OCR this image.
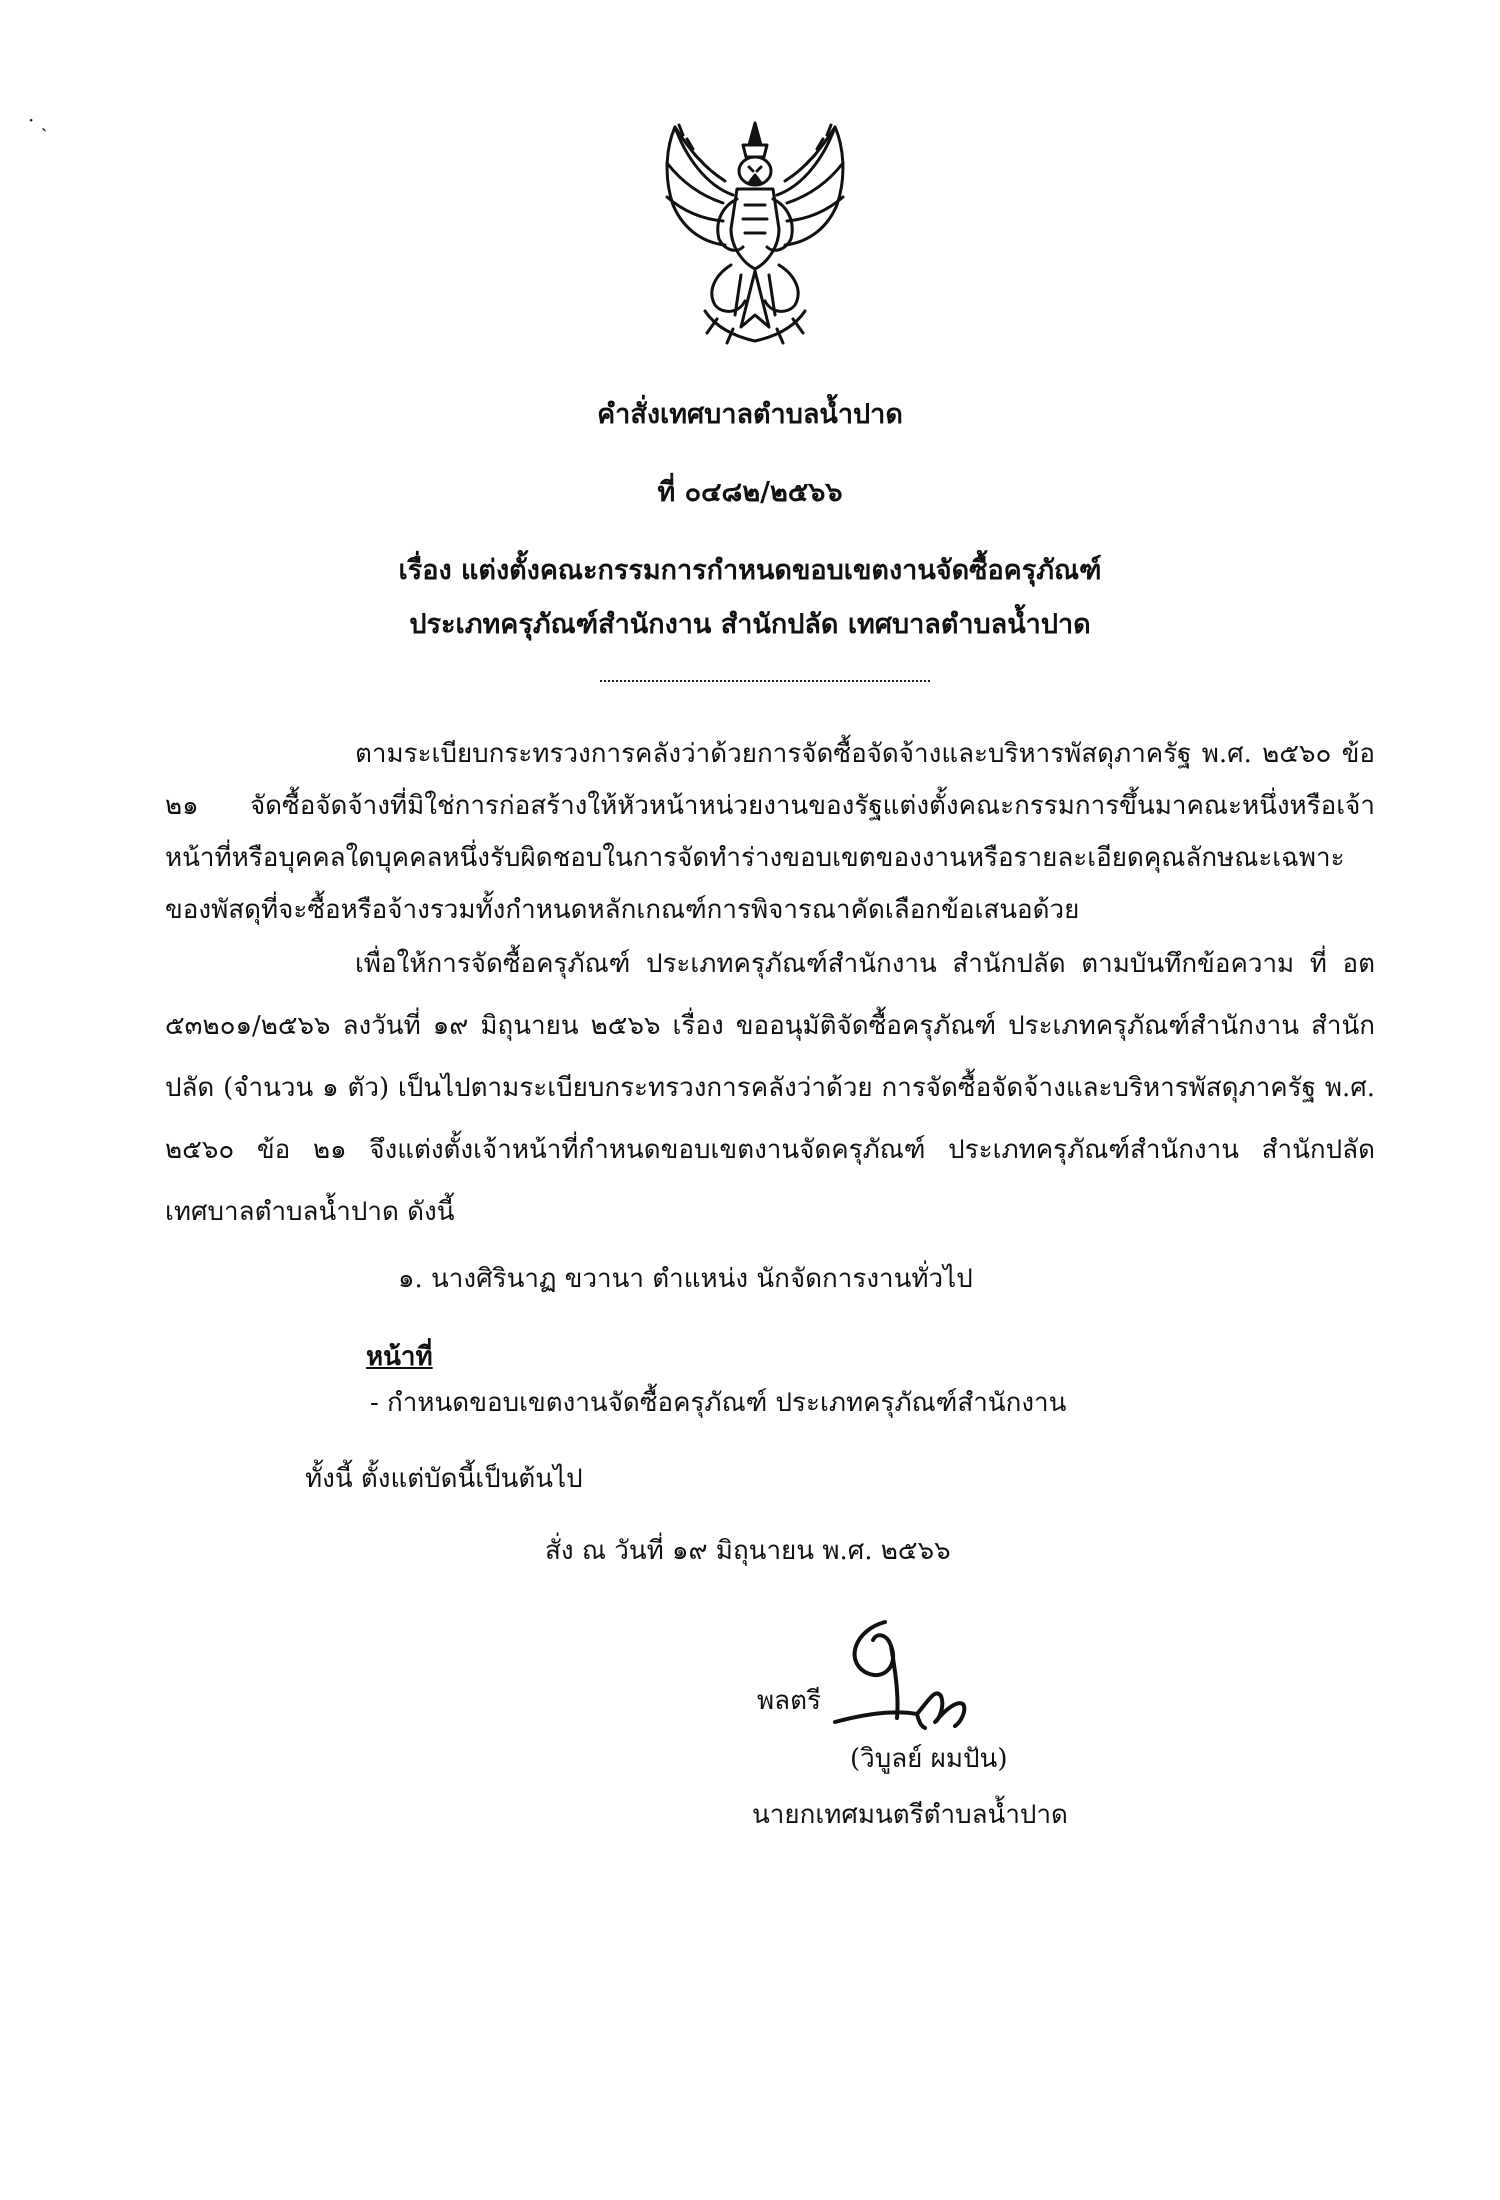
· ˎ
คำสั่งเทศบาลตำบลน้ำปาด
ที่ ๐๔๘๒/๒๕๖๖
เรื่อง แต่งตั้งคณะกรรมการกำหนดขอบเขตงานจัดซื้อครุภัณฑ์
ประเภทครุภัณฑ์สำนักงาน สำนักปลัด เทศบาลตำบลน้ำปาด
ตามระเบียบกระทรวงการคลังว่าด้วยการจัดซื้อจัดจ้างและบริหารพัสดุภาครัฐ พ.ศ. ๒๕๖๐ ข้อ ๒๑ จัดซื้อจัดจ้างที่มิใช่การก่อสร้างให้หัวหน้าหน่วยงานของรัฐแต่งตั้งคณะกรรมการขึ้นมาคณะหนึ่งหรือเจ้าหน้าที่หรือบุคคลใดบุคคลหนึ่งรับผิดชอบในการจัดทำร่างขอบเขตของงานหรือรายละเอียดคุณลักษณะเฉพาะของพัสดุที่จะซื้อหรือจ้างรวมทั้งกำหนดหลักเกณฑ์การพิจารณาคัดเลือกข้อเสนอด้วย
เพื่อให้การจัดซื้อครุภัณฑ์ ประเภทครุภัณฑ์สำนักงาน สำนักปลัด ตามบันทึกข้อความ ที่ อต ๕๓๒๐๑/๒๕๖๖ ลงวันที่ ๑๙ มิถุนายน ๒๕๖๖ เรื่อง ขออนุมัติจัดซื้อครุภัณฑ์ ประเภทครุภัณฑ์สำนักงาน สำนักปลัด (จำนวน ๑ ตัว) เป็นไปตามระเบียบกระทรวงการคลังว่าด้วย การจัดซื้อจัดจ้างและบริหารพัสดุภาครัฐ พ.ศ. ๒๕๖๐ ข้อ ๒๑ จึงแต่งตั้งเจ้าหน้าที่กำหนดขอบเขตงานจัดครุภัณฑ์ ประเภทครุภัณฑ์สำนักงาน สำนักปลัด เทศบาลตำบลน้ำปาด ดังนี้
๑. นางศิรินาฏ ขวานา ตำแหน่ง นักจัดการงานทั่วไป
หน้าที่
- กำหนดขอบเขตงานจัดซื้อครุภัณฑ์ ประเภทครุภัณฑ์สำนักงาน
ทั้งนี้ ตั้งแต่บัดนี้เป็นต้นไป
สั่ง ณ วันที่ ๑๙ มิถุนายน พ.ศ. ๒๕๖๖
พลตรี
(วิบูลย์ ผมปัน)
นายกเทศมนตรีตำบลน้ำปาด
